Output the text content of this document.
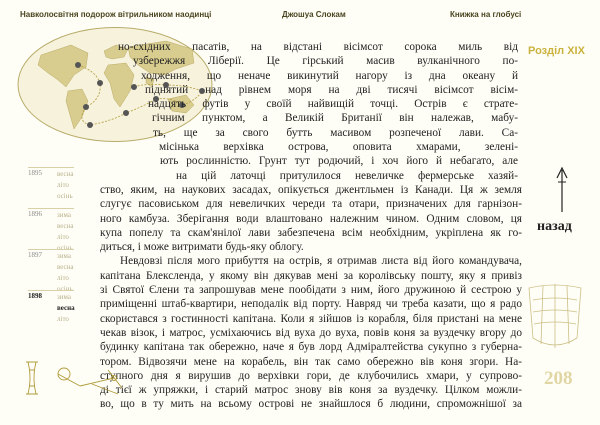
Навколосвітня подорож вітрильником наодинці	Джошуа Слокам	Книжка на глобусі
Розділ XIX
назад
1895 весна
літо
осінь
1896 зима
весна
літо
осінь
1897 зима
весна
літо
осінь
1898 зима
весна
літо
но-східних пасатів, на відстані вісімсот сорока миль від
узбережжя Ліберії. Це гірський масив вулканічного по-
ходження, що неначе викинутий нагору із дна океану й
піднятий над рівнем моря на дві тисячі вісімсот вісім-
надцять футів у своїй найвищій точці. Острів є страте-
гічним пунктом, а Великій Британії він належав, мабу-
ть, ще за свого бутть масивом розпеченої лави. Са-
місінька верхівка острова, оповита хмарами, зелені-
ють рослинністю. Грунт тут родючий, і хоч його й небагато, але
на цій латочці притулилося невеличке фермерське хазяй-
ство, яким, на наукових засадах, опікується джентльмен із Канади. Ця ж земля
слугує пасовиськом для невеличких череди та отари, призначених для гарнізон-
ного камбуза. Зберігання води влаштовано належним чином. Одним словом, ця
купа попелу та скам'янілої лави забезпечена всім необхідним, укріплена як го-
диться, і може витримати будь-яку облогу.
Невдовзі після мого прибуття на острів, я отримав листа від його командувача,
капітана Блексленда, у якому він дякував мені за королівську пошту, яку я привіз
зі Святої Єлени та запрошував мене пообідати з ним, його дружиною й сестрою у
приміщенні штаб-квартири, неподалік від порту. Навряд чи треба казати, що я радо
скористався з гостинності капітана. Коли я зійшов із корабля, біля пристані на мене
чекав візок, і матрос, усміхаючись від вуха до вуха, повів коня за вуздечку вгору до
будинку капітана так обережно, наче я був лорд Адміралтейства сукупно з губерна-
тором. Відвозячи мене на корабель, він так само обережно вів коня згори. На-
ступного дня я вирушив до верхівки гори, де клубочились хмари, у супрово-
ді тієї ж упряжки, і старий матрос знову вів коня за вуздечку. Цілком можли-
во, що в ту мить на всьому острові не знайшлося б людини, спроможнішої за
208
